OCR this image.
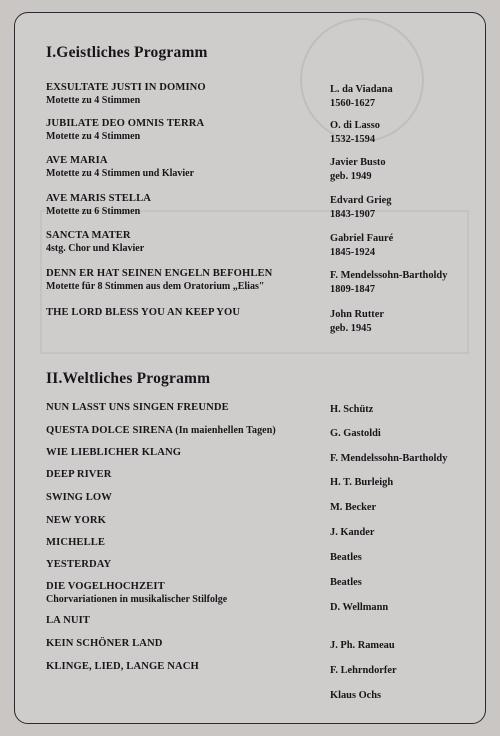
I.Geistliches Programm
EXSULTATE JUSTI IN DOMINO
Motette zu 4 Stimmen
L. da Viadana
1560-1627
JUBILATE DEO OMNIS TERRA
Motette zu 4 Stimmen
O. di Lasso
1532-1594
AVE MARIA
Motette zu 4 Stimmen und Klavier
Javier Busto
geb. 1949
AVE MARIS STELLA
Motette zu 6 Stimmen
Edvard Grieg
1843-1907
SANCTA MATER
4stg. Chor und Klavier
Gabriel Fauré
1845-1924
DENN ER HAT SEINEN ENGELN BEFOHLEN
Motette für 8 Stimmen aus dem Oratorium „Elias"
F. Mendelssohn-Bartholdy
1809-1847
THE LORD BLESS YOU AN KEEP YOU	John Rutter
geb. 1945
II.Weltliches Programm
NUN LASST UNS SINGEN FREUNDE
QUESTA DOLCE SIRENA (In maienhellen Tagen)
WIE LIEBLICHER KLANG
DEEP RIVER
SWING LOW
NEW YORK
MICHELLE
YESTERDAY
DIE VOGELHOCHZEIT
Chorvariationen in musikalischer Stilfolge
LA NUIT
KEIN SCHÖNER LAND
KLINGE, LIED, LANGE NACH
H. Schütz
G. Gastoldi
F. Mendelssohn-Bartholdy
H. T. Burleigh
M. Becker
J. Kander
Beatles
Beatles
D. Wellmann
J. Ph. Rameau
F. Lehrndorfer
Klaus Ochs
